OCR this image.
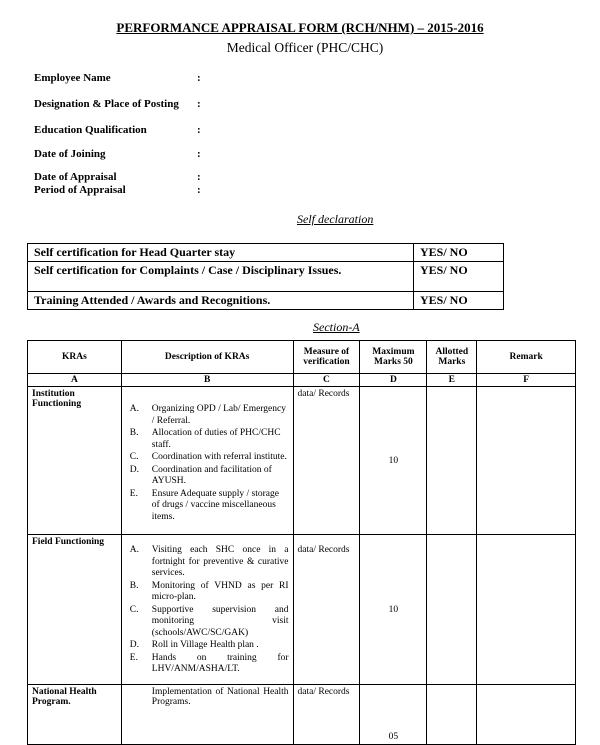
PERFORMANCE APPRAISAL FORM (RCH/NHM) – 2015-2016
Medical Officer (PHC/CHC)
Employee Name	:
Designation & Place of Posting :
Education Qualification	:
Date of Joining	:
Date of Appraisal	:
Period of Appraisal	:
Self declaration
Self certification for Head Quarter stay	YES/ NO
Self certification for Complaints / Case / Disciplinary Issues.	YES/ NO
Training Attended / Awards and Recognitions.	YES/ NO
Section-A
KRAs	Description of KRAs	Measure of verification	Maximum Marks 50	Allotted Marks	Remark
A	B	C	D	E	F
Institution Functioning	A.	Organizing OPD / Lab/ Emergency / Referral.
B.	Allocation of duties of PHC/CHC staff.
C.	Coordination with referral institute.
D.	Coordination and facilitation of AYUSH.
E.	Ensure Adequate supply / storage of drugs / vaccine miscellaneous items.
	data/ Records	10		
Field Functioning	
A.	Visiting each SHC once in a fortnight for preventive & curative services.
B.	Monitoring of VHND as per RI micro-plan.
C.	Supportive supervision and monitoring visit (schools/AWC/SC/GAK)
D.	Roll in Village Health plan .
E.	Hands on training for LHV/ANM/ASHA/LT.
	data/ Records	10		
National Health Program.	Implementation of National Health Programs.	data/ Records	05		
